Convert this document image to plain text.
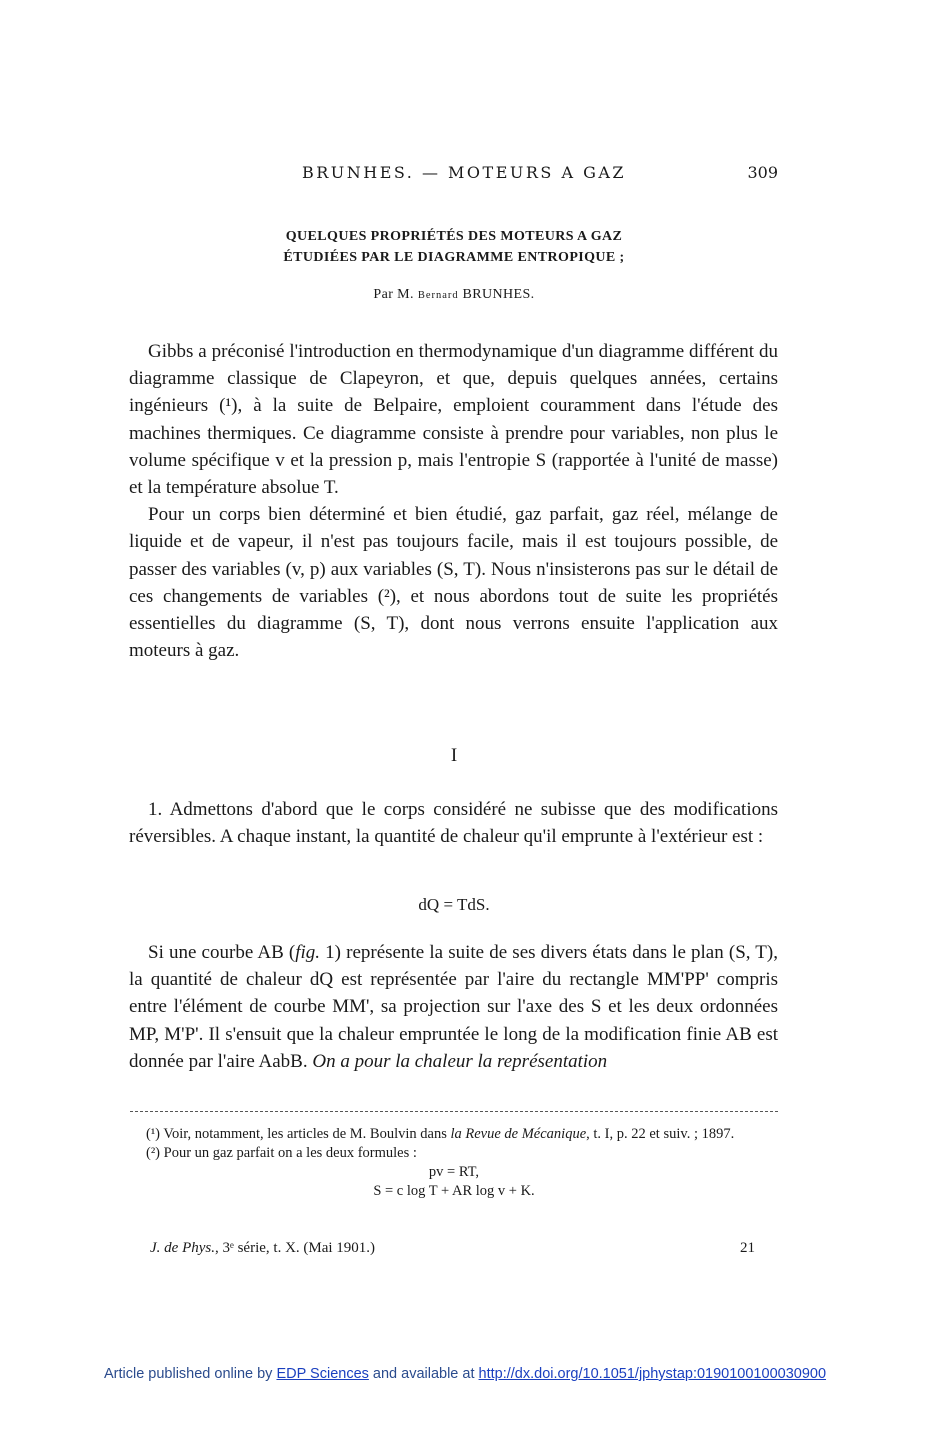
BRUNHES. — MOTEURS A GAZ	309
QUELQUES PROPRIÉTÉS DES MOTEURS A GAZ
ÉTUDIÉES PAR LE DIAGRAMME ENTROPIQUE ;
Par M. Bernard BRUNHES.

Gibbs a préconisé l'introduction en thermodynamique d'un diagramme différent du diagramme classique de Clapeyron, et que, depuis quelques années, certains ingénieurs (¹), à la suite de Belpaire, emploient couramment dans l'étude des machines thermiques. Ce diagramme consiste à prendre pour variables, non plus le volume spécifique v et la pression p, mais l'entropie S (rapportée à l'unité de masse) et la température absolue T.

Pour un corps bien déterminé et bien étudié, gaz parfait, gaz réel, mélange de liquide et de vapeur, il n'est pas toujours facile, mais il est toujours possible, de passer des variables (v, p) aux variables (S, T). Nous n'insisterons pas sur le détail de ces changements de variables (²), et nous abordons tout de suite les propriétés essentielles du diagramme (S, T), dont nous verrons ensuite l'application aux moteurs à gaz.

I

1. Admettons d'abord que le corps considéré ne subisse que des modifications réversibles. A chaque instant, la quantité de chaleur qu'il emprunte à l'extérieur est :

dQ = TdS.

Si une courbe AB (fig. 1) représente la suite de ses divers états dans le plan (S, T), la quantité de chaleur dQ est représentée par l'aire du rectangle MM'PP' compris entre l'élément de courbe MM', sa projection sur l'axe des S et les deux ordonnées MP, M'P'. Il s'ensuit que la chaleur empruntée le long de la modification finie AB est donnée par l'aire AabB. On a pour la chaleur la représentation

(¹) Voir, notamment, les articles de M. Boulvin dans la Revue de Mécanique, t. I, p. 22 et suiv. ; 1897.

(²) Pour un gaz parfait on a les deux formules :

pv = RT,
S = c log T + AR log v + K.
J. de Phys., 3ᵉ série, t. X. (Mai 1901.)	21
Article published online by EDP Sciences and available at http://dx.doi.org/10.1051/jphystap:0190100100030900
